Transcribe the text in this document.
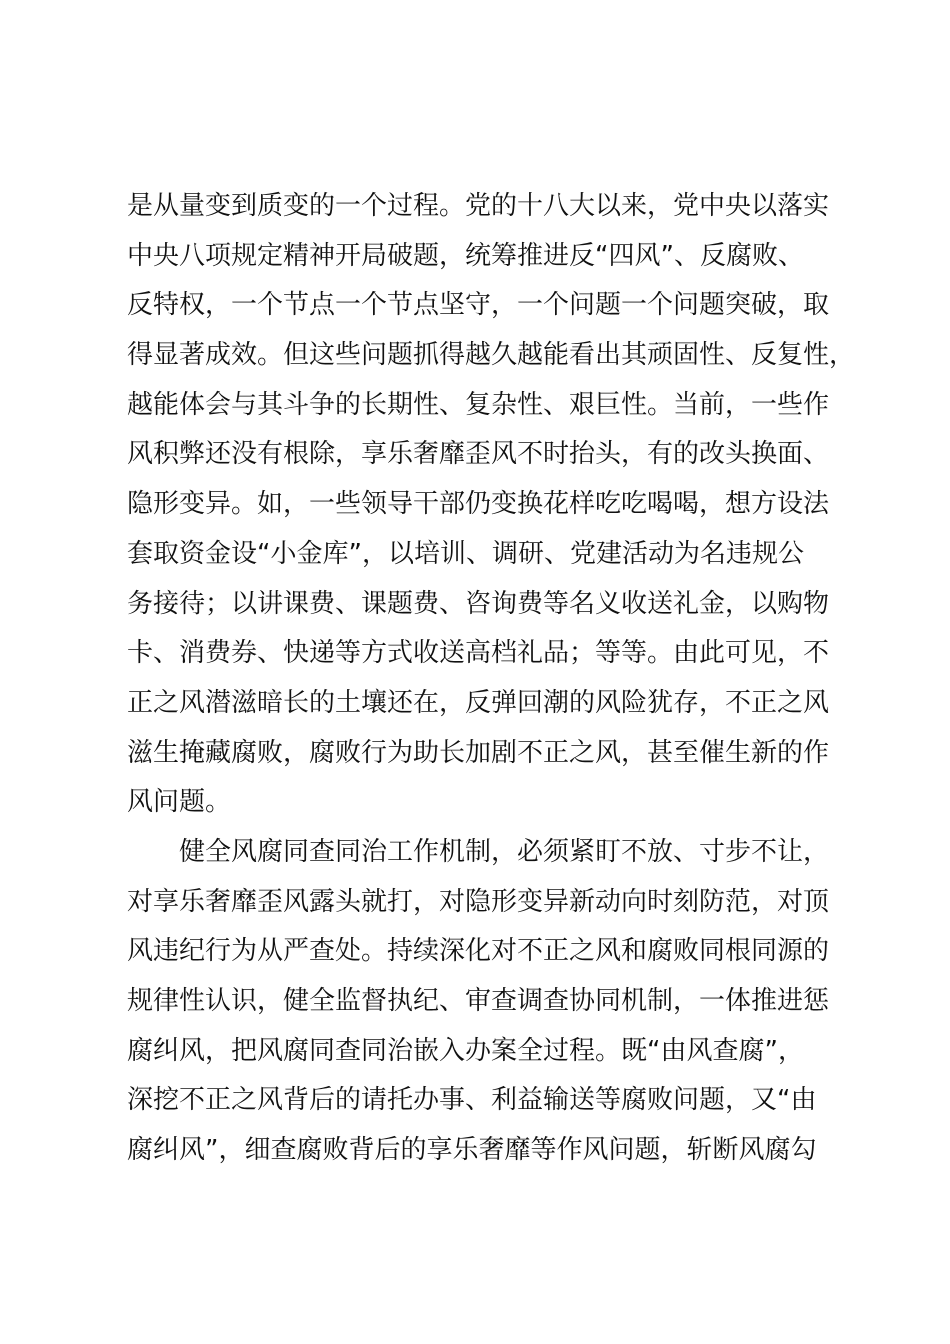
是从量变到质变的一个过程。党的十八大以来，党中央以落实
中央八项规定精神开局破题，统筹推进反“四风”、反腐败、
反特权，一个节点一个节点坚守，一个问题一个问题突破，取
得显著成效。但这些问题抓得越久越能看出其顽固性、反复性，
越能体会与其斗争的长期性、复杂性、艰巨性。当前，一些作
风积弊还没有根除，享乐奢靡歪风不时抬头，有的改头换面、
隐形变异。如，一些领导干部仍变换花样吃吃喝喝，想方设法
套取资金设“小金库”，以培训、调研、党建活动为名违规公
务接待；以讲课费、课题费、咨询费等名义收送礼金，以购物
卡、消费券、快递等方式收送高档礼品；等等。由此可见，不
正之风潜滋暗长的土壤还在，反弹回潮的风险犹存，不正之风
滋生掩藏腐败，腐败行为助长加剧不正之风，甚至催生新的作
风问题。
健全风腐同查同治工作机制，必须紧盯不放、寸步不让，
对享乐奢靡歪风露头就打，对隐形变异新动向时刻防范，对顶
风违纪行为从严查处。持续深化对不正之风和腐败同根同源的
规律性认识，健全监督执纪、审查调查协同机制，一体推进惩
腐纠风，把风腐同查同治嵌入办案全过程。既“由风查腐”，
深挖不正之风背后的请托办事、利益输送等腐败问题，又“由
腐纠风”，细查腐败背后的享乐奢靡等作风问题，斩断风腐勾
